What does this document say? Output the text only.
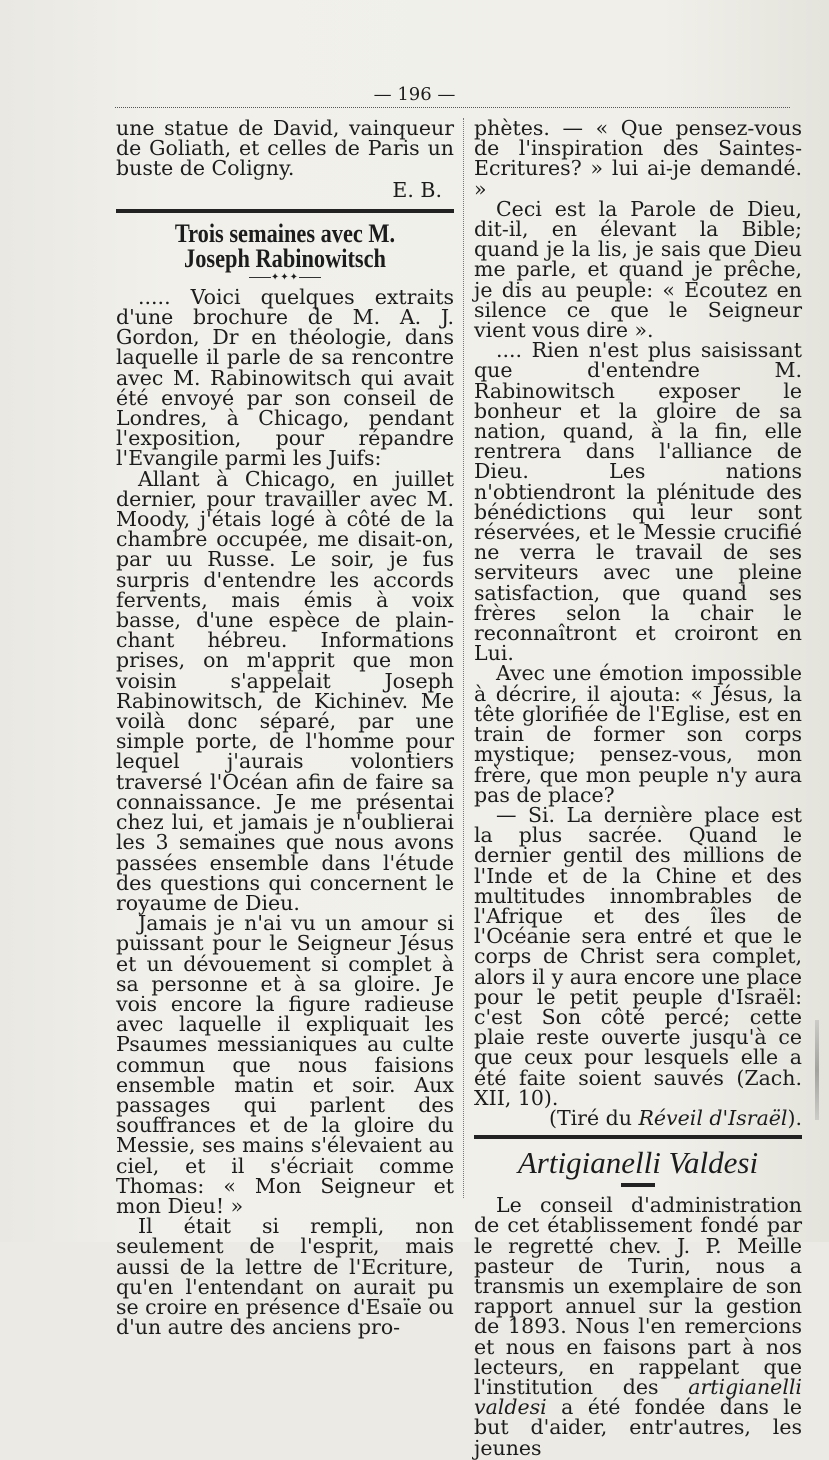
— 196 —

une statue de David, vainqueur de Goliath, et celles de Paris un buste de Coligny.

E. B.

Trois semaines avec M. Joseph Rabinowitsch
✦✦✦

..... Voici quelques extraits d'une brochure de M. A. J. Gordon, Dr en théologie, dans laquelle il parle de sa rencontre avec M. Rabinowitsch qui avait été envoyé par son conseil de Londres, à Chicago, pendant l'exposition, pour répandre l'Evangile parmi les Juifs:

Allant à Chicago, en juillet dernier, pour travailler avec M. Moody, j'étais logé à côté de la chambre occupée, me disait-on, par uu Russe. Le soir, je fus surpris d'entendre les accords fervents, mais émis à voix basse, d'une espèce de plain-chant hébreu. Informations prises, on m'apprit que mon voisin s'appelait Joseph Rabinowitsch, de Kichinev. Me voilà donc séparé, par une simple porte, de l'homme pour lequel j'aurais volontiers traversé l'Océan afin de faire sa connaissance. Je me présentai chez lui, et jamais je n'oublierai les 3 semaines que nous avons passées ensemble dans l'étude des questions qui concernent le royaume de Dieu.

Jamais je n'ai vu un amour si puissant pour le Seigneur Jésus et un dévouement si complet à sa personne et à sa gloire. Je vois encore la figure radieuse avec laquelle il expliquait les Psaumes messianiques au culte commun que nous faisions ensemble matin et soir. Aux passages qui parlent des souffrances et de la gloire du Messie, ses mains s'élevaient au ciel, et il s'écriait comme Thomas: « Mon Seigneur et mon Dieu! »

Il était si rempli, non seulement de l'esprit, mais aussi de la lettre de l'Ecriture, qu'en l'entendant on aurait pu se croire en présence d'Esaïe ou d'un autre des anciens pro-

phètes. — « Que pensez-vous de l'inspiration des Saintes-Ecritures? » lui ai-je demandé. »

Ceci est la Parole de Dieu, dit-il, en élevant la Bible; quand je la lis, je sais que Dieu me parle, et quand je prêche, je dis au peuple: « Ecoutez en silence ce que le Seigneur vient vous dire ».

.... Rien n'est plus saisissant que d'entendre M. Rabinowitsch exposer le bonheur et la gloire de sa nation, quand, à la fin, elle rentrera dans l'alliance de Dieu. Les nations n'obtiendront la plénitude des bénédictions qui leur sont réservées, et le Messie crucifié ne verra le travail de ses serviteurs avec une pleine satisfaction, que quand ses frères selon la chair le reconnaîtront et croiront en Lui.

Avec une émotion impossible à décrire, il ajouta: « Jésus, la tête glorifiée de l'Eglise, est en train de former son corps mystique; pensez-vous, mon frère, que mon peuple n'y aura pas de place?

— Si. La dernière place est la plus sacrée. Quand le dernier gentil des millions de l'Inde et de la Chine et des multitudes innombrables de l'Afrique et des îles de l'Océanie sera entré et que le corps de Christ sera complet, alors il y aura encore une place pour le petit peuple d'Israël: c'est Son côté percé; cette plaie reste ouverte jusqu'à ce que ceux pour lesquels elle a été faite soient sauvés (Zach. XII, 10).

(Tiré du Réveil d'Israël).

Artigianelli Valdesi

Le conseil d'administration de cet établissement fondé par le regretté chev. J. P. Meille pasteur de Turin, nous a transmis un exemplaire de son rapport annuel sur la gestion de 1893. Nous l'en remercions et nous en faisons part à nos lecteurs, en rappelant que l'institution des artigianelli valdesi a été fondée dans le but d'aider, entr'autres, les jeunes
